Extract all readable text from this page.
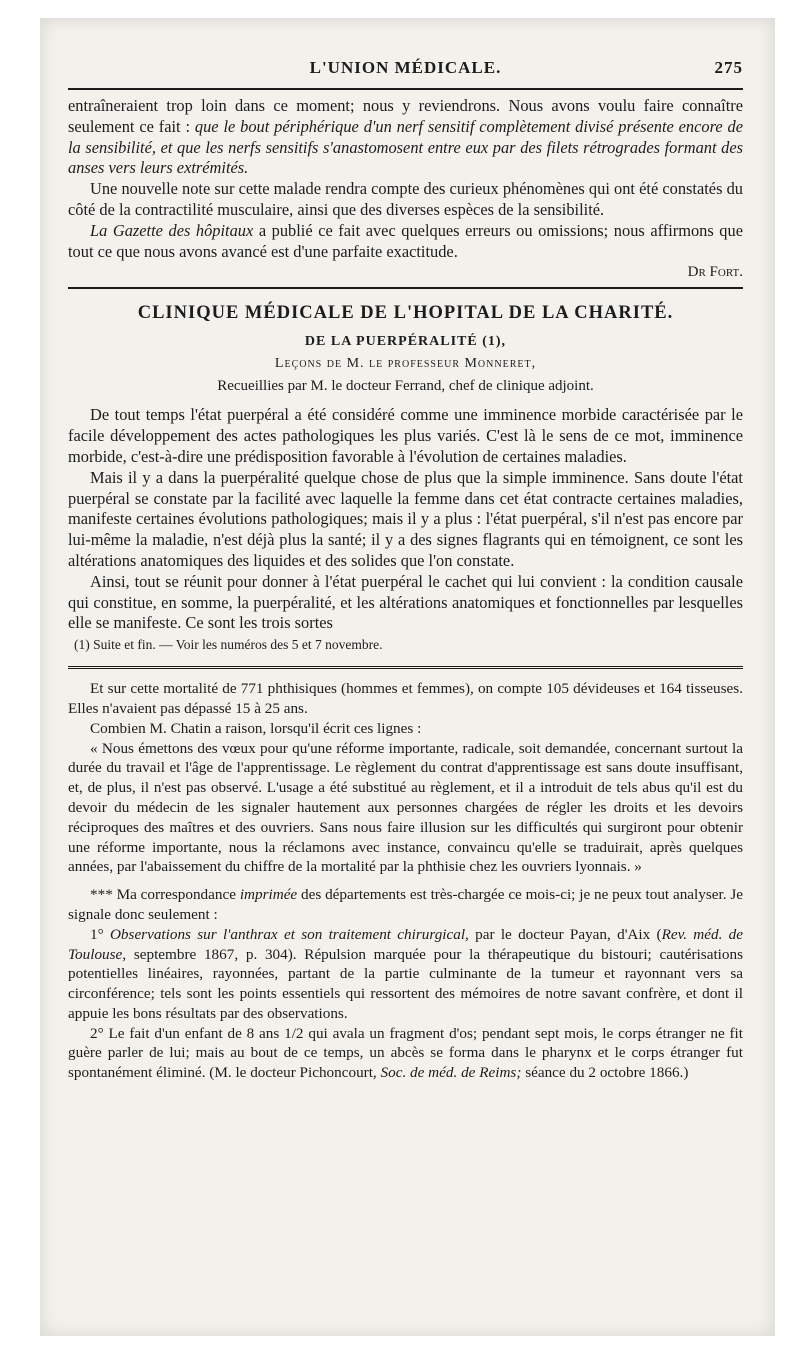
L'UNION MÉDICALE.	275

entraîneraient trop loin dans ce moment; nous y reviendrons. Nous avons voulu faire connaître seulement ce fait : que le bout périphérique d'un nerf sensitif complètement divisé présente encore de la sensibilité, et que les nerfs sensitifs s'anastomosent entre eux par des filets rétrogrades formant des anses vers leurs extrémités.

Une nouvelle note sur cette malade rendra compte des curieux phénomènes qui ont été constatés du côté de la contractilité musculaire, ainsi que des diverses espèces de la sensibilité.

La Gazette des hôpitaux a publié ce fait avec quelques erreurs ou omissions; nous affirmons que tout ce que nous avons avancé est d'une parfaite exactitude.

Dr Fort.
CLINIQUE MÉDICALE DE L'HOPITAL DE LA CHARITÉ.
DE LA PUERPÉRALITÉ (1),
Leçons de M. le professeur Monneret,
Recueillies par M. le docteur Ferrand, chef de clinique adjoint.

De tout temps l'état puerpéral a été considéré comme une imminence morbide caractérisée par le facile développement des actes pathologiques les plus variés. C'est là le sens de ce mot, imminence morbide, c'est-à-dire une prédisposition favorable à l'évolution de certaines maladies.

Mais il y a dans la puerpéralité quelque chose de plus que la simple imminence. Sans doute l'état puerpéral se constate par la facilité avec laquelle la femme dans cet état contracte certaines maladies, manifeste certaines évolutions pathologiques; mais il y a plus : l'état puerpéral, s'il n'est pas encore par lui-même la maladie, n'est déjà plus la santé; il y a des signes flagrants qui en témoignent, ce sont les altérations anatomiques des liquides et des solides que l'on constate.

Ainsi, tout se réunit pour donner à l'état puerpéral le cachet qui lui convient : la condition causale qui constitue, en somme, la puerpéralité, et les altérations anatomiques et fonctionnelles par lesquelles elle se manifeste. Ce sont les trois sortes

(1) Suite et fin. — Voir les numéros des 5 et 7 novembre.

Et sur cette mortalité de 771 phthisiques (hommes et femmes), on compte 105 dévideuses et 164 tisseuses. Elles n'avaient pas dépassé 15 à 25 ans.

Combien M. Chatin a raison, lorsqu'il écrit ces lignes :

« Nous émettons des vœux pour qu'une réforme importante, radicale, soit demandée, concernant surtout la durée du travail et l'âge de l'apprentissage. Le règlement du contrat d'apprentissage est sans doute insuffisant, et, de plus, il n'est pas observé. L'usage a été substitué au règlement, et il a introduit de tels abus qu'il est du devoir du médecin de les signaler hautement aux personnes chargées de régler les droits et les devoirs réciproques des maîtres et des ouvriers. Sans nous faire illusion sur les difficultés qui surgiront pour obtenir une réforme importante, nous la réclamons avec instance, convaincu qu'elle se traduirait, après quelques années, par l'abaissement du chiffre de la mortalité par la phthisie chez les ouvriers lyonnais. »

*** Ma correspondance imprimée des départements est très-chargée ce mois-ci; je ne peux tout analyser. Je signale donc seulement :

1° Observations sur l'anthrax et son traitement chirurgical, par le docteur Payan, d'Aix (Rev. méd. de Toulouse, septembre 1867, p. 304). Répulsion marquée pour la thérapeutique du bistouri; cautérisations potentielles linéaires, rayonnées, partant de la partie culminante de la tumeur et rayonnant vers sa circonférence; tels sont les points essentiels qui ressortent des mémoires de notre savant confrère, et dont il appuie les bons résultats par des observations.

2° Le fait d'un enfant de 8 ans 1/2 qui avala un fragment d'os; pendant sept mois, le corps étranger ne fit guère parler de lui; mais au bout de ce temps, un abcès se forma dans le pharynx et le corps étranger fut spontanément éliminé. (M. le docteur Pichoncourt, Soc. de méd. de Reims; séance du 2 octobre 1866.)
